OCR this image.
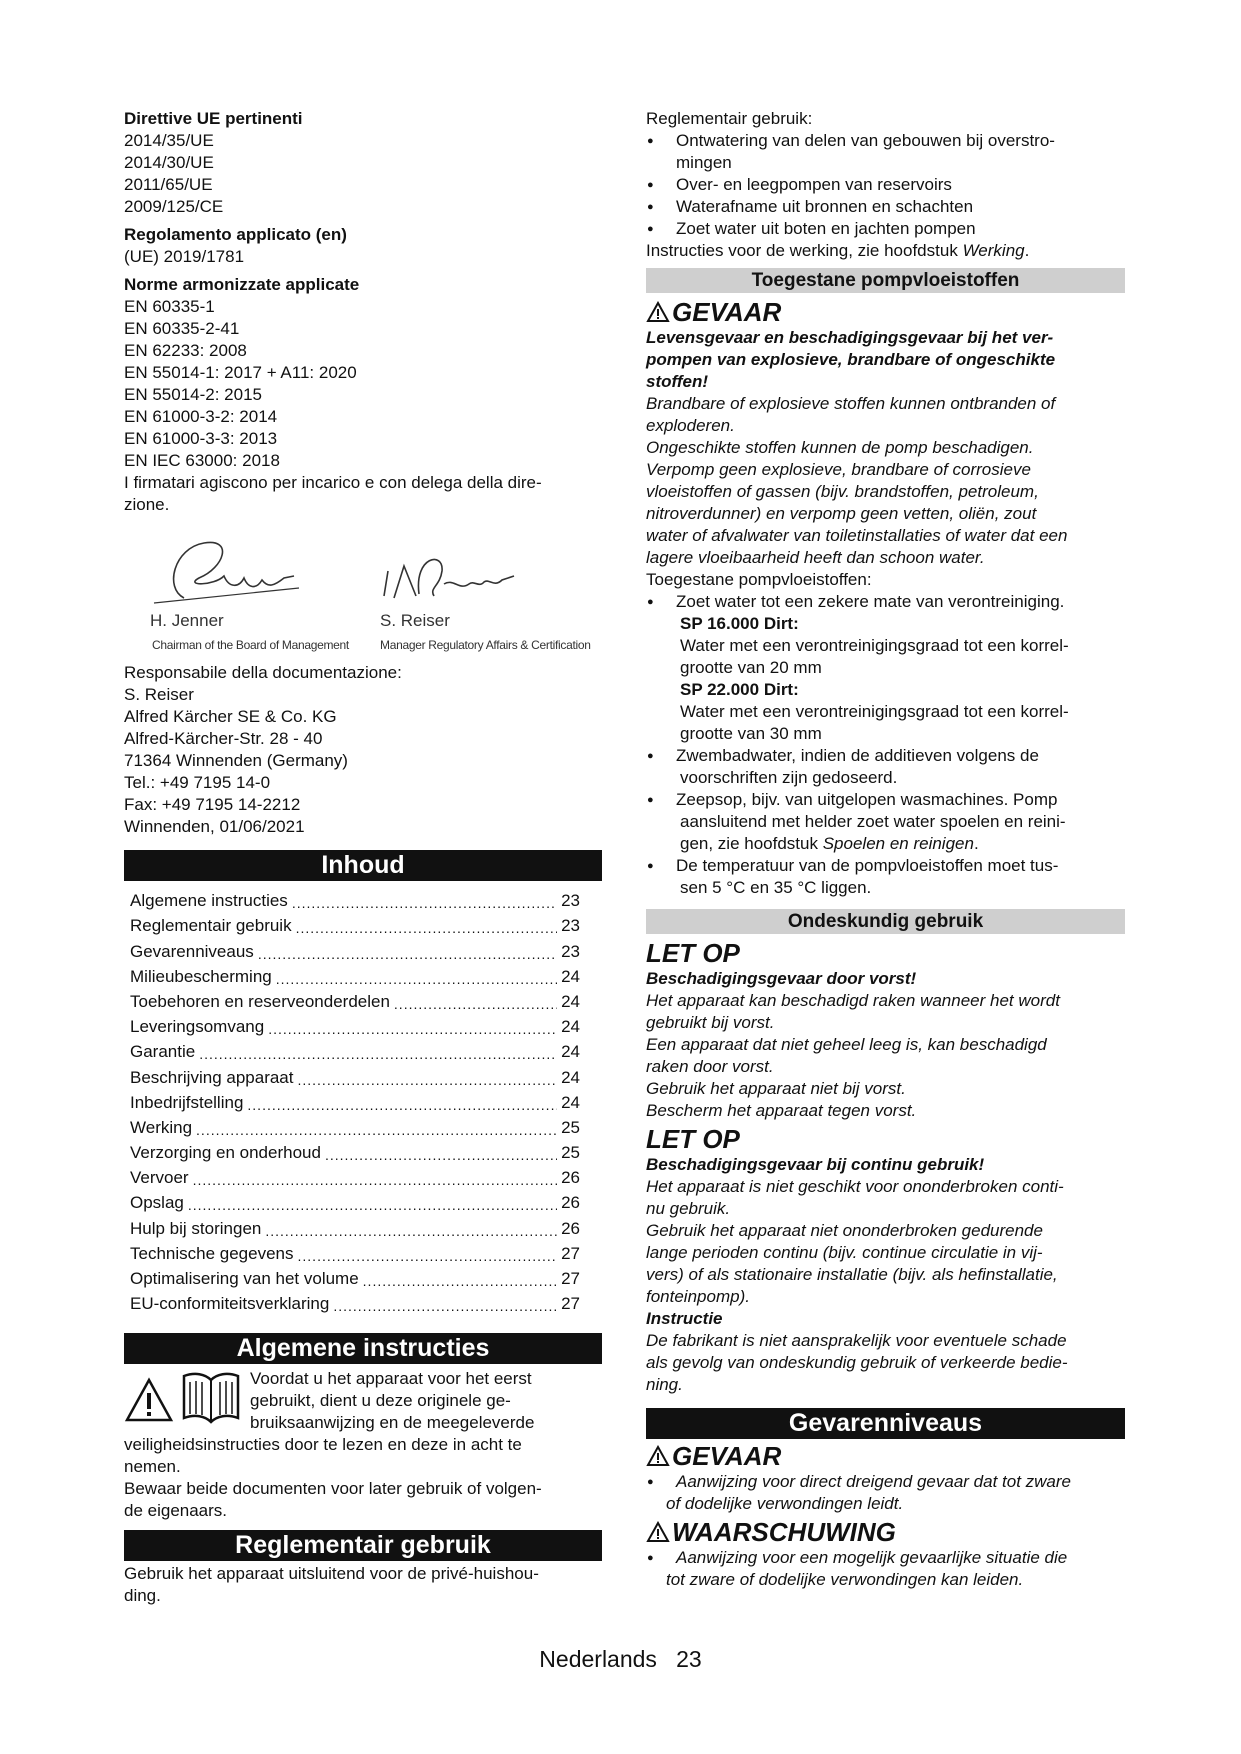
Direttive UE pertinenti
2014/35/UE
2014/30/UE
2011/65/UE
2009/125/CE
Regolamento applicato (en)
(UE) 2019/1781
Norme armonizzate applicate
EN 60335-1
EN 60335-2-41
EN 62233: 2008
EN 55014-1: 2017 + A11: 2020
EN 55014-2: 2015
EN 61000-3-2: 2014
EN 61000-3-3: 2013
EN IEC 63000: 2018
I firmatari agiscono per incarico e con delega della dire-
zione.
H. Jenner
Chairman of the Board of Management
S. Reiser
Manager Regulatory Affairs & Certification
Responsabile della documentazione:
S. Reiser
Alfred Kärcher SE & Co. KG
Alfred-Kärcher-Str. 28 - 40
71364 Winnenden (Germany)
Tel.: +49 7195 14-0
Fax: +49 7195 14-2212
Winnenden, 01/06/2021
Inhoud
Algemene instructies .....	23
Reglementair gebruik .....	23
Gevarenniveaus .....	23
Milieubescherming .....	24
Toebehoren en reserveonderdelen .....	24
Leveringsomvang .....	24
Garantie .....	24
Beschrijving apparaat .....	24
Inbedrijfstelling .....	24
Werking .....	25
Verzorging en onderhoud .....	25
Vervoer .....	26
Opslag .....	26
Hulp bij storingen .....	26
Technische gegevens .....	27
Optimalisering van het volume .....	27
EU-conformiteitsverklaring .....	27
Algemene instructies
Voordat u het apparaat voor het eerst
gebruikt, dient u deze originele ge-
bruiksaanwijzing en de meegeleverde
veiligheidsinstructies door te lezen en deze in acht te
nemen.
Bewaar beide documenten voor later gebruik of volgen-
de eigenaars.
Reglementair gebruik
Gebruik het apparaat uitsluitend voor de privé-huishou-
ding.
Reglementair gebruik:
● Ontwatering van delen van gebouwen bij overstro-
mingen
● Over- en leegpompen van reservoirs
● Waterafname uit bronnen en schachten
● Zoet water uit boten en jachten pompen
Instructies voor de werking, zie hoofdstuk Werking.
Toegestane pompvloeistoffen
GEVAAR
Levensgevaar en beschadigingsgevaar bij het ver-
pompen van explosieve, brandbare of ongeschikte
stoffen!
Brandbare of explosieve stoffen kunnen ontbranden of
exploderen.
Ongeschikte stoffen kunnen de pomp beschadigen.
Verpomp geen explosieve, brandbare of corrosieve
vloeistoffen of gassen (bijv. brandstoffen, petroleum,
nitroverdunner) en verpomp geen vetten, oliën, zout
water of afvalwater van toiletinstallaties of water dat een
lagere vloeibaarheid heeft dan schoon water.
Toegestane pompvloeistoffen:
● Zoet water tot een zekere mate van verontreiniging.
SP 16.000 Dirt:
Water met een verontreinigingsgraad tot een korrel-
grootte van 20 mm
SP 22.000 Dirt:
Water met een verontreinigingsgraad tot een korrel-
grootte van 30 mm
● Zwembadwater, indien de additieven volgens de
voorschriften zijn gedoseerd.
● Zeepsop, bijv. van uitgelopen wasmachines. Pomp
aansluitend met helder zoet water spoelen en reini-
gen, zie hoofdstuk Spoelen en reinigen.
● De temperatuur van de pompvloeistoffen moet tus-
sen 5 °C en 35 °C liggen.
Ondeskundig gebruik
LET OP
Beschadigingsgevaar door vorst!
Het apparaat kan beschadigd raken wanneer het wordt
gebruikt bij vorst.
Een apparaat dat niet geheel leeg is, kan beschadigd
raken door vorst.
Gebruik het apparaat niet bij vorst.
Bescherm het apparaat tegen vorst.
LET OP
Beschadigingsgevaar bij continu gebruik!
Het apparaat is niet geschikt voor ononderbroken conti-
nu gebruik.
Gebruik het apparaat niet ononderbroken gedurende
lange perioden continu (bijv. continue circulatie in vij-
vers) of als stationaire installatie (bijv. als hefinstallatie,
fonteinpomp).
Instructie
De fabrikant is niet aansprakelijk voor eventuele schade
als gevolg van ondeskundig gebruik of verkeerde bedie-
ning.
Gevarenniveaus
GEVAAR
● Aanwijzing voor direct dreigend gevaar dat tot zware
of dodelijke verwondingen leidt.
WAARSCHUWING
● Aanwijzing voor een mogelijk gevaarlijke situatie die
tot zware of dodelijke verwondingen kan leiden.
Nederlands 23
